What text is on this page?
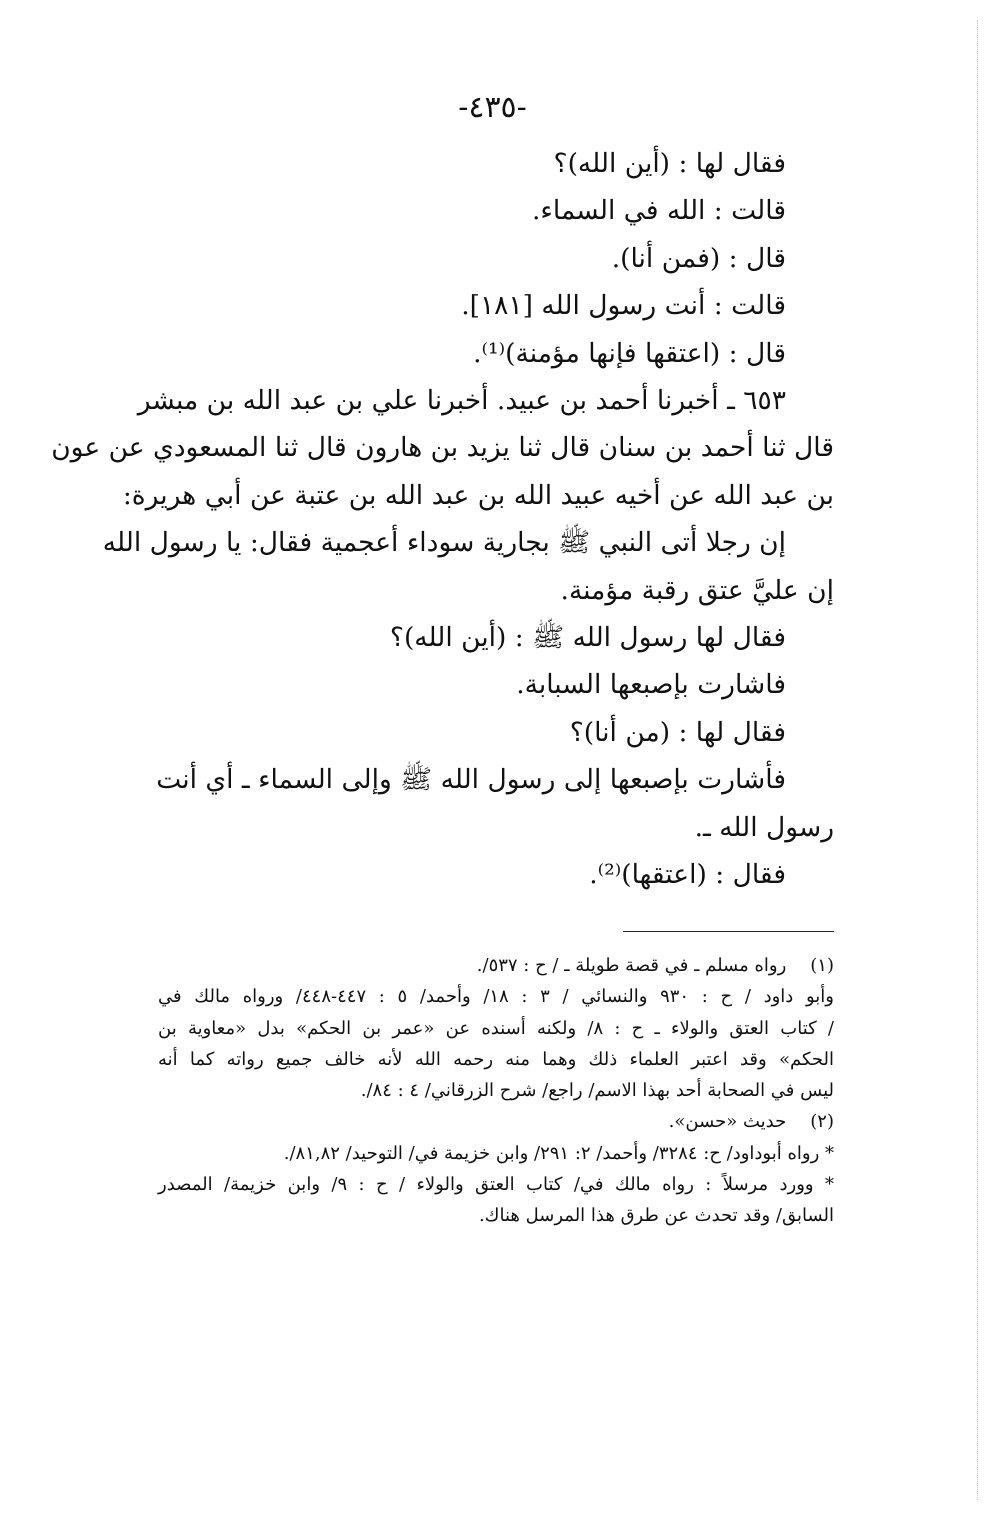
-٤٣٥-
فقال لها : (أين الله)؟
قالت : الله في السماء.
قال : (فمن أنا).
قالت : أنت رسول الله [١٨١].
قال : (اعتقها فإنها مؤمنة)⁽¹⁾.
٦٥٣ ـ أخبرنا أحمد بن عبيد. أخبرنا علي بن عبد الله بن مبشر
قال ثنا أحمد بن سنان قال ثنا يزيد بن هارون قال ثنا المسعودي عن عون
بن عبد الله عن أخيه عبيد الله بن عبد الله بن عتبة عن أبي هريرة:
إن رجلا أتى النبي ﷺ بجارية سوداء أعجمية فقال: يا رسول الله
إن عليَّ عتق رقبة مؤمنة.
فقال لها رسول الله ﷺ : (أين الله)؟
فاشارت بإصبعها السبابة.
فقال لها : (من أنا)؟
فأشارت بإصبعها إلى رسول الله ﷺ وإلى السماء ـ أي أنت
رسول الله ـ.
فقال : (اعتقها)⁽²⁾.
(١) رواه مسلم ـ في قصة طويلة ـ / ح : ٥٣٧/.
وأبو داود / ح : ٩٣٠ والنسائي / ٣ : ١٨/ وأحمد/ ٥ : ٤٤٧-٤٤٨/ ورواه مالك في
/ كتاب العتق والولاء ـ ح : ٨/ ولكنه أسنده عن «عمر بن الحكم» بدل «معاوية بن
الحكم» وقد اعتبر العلماء ذلك وهما منه رحمه الله لأنه خالف جميع رواته كما أنه
ليس في الصحابة أحد بهذا الاسم/ راجع/ شرح الزرقاني/ ٤ : ٨٤/.
(٢) حديث «حسن».
* رواه أبوداود/ ح: ٣٢٨٤/ وأحمد/ ٢: ٢٩١/ وابن خزيمة في/ التوحيد/ ٨١,٨٢/.
* وورد مرسلاً : رواه مالك في/ كتاب العتق والولاء / ح : ٩/ وابن خزيمة/ المصدر
السابق/ وقد تحدث عن طرق هذا المرسل هناك.
